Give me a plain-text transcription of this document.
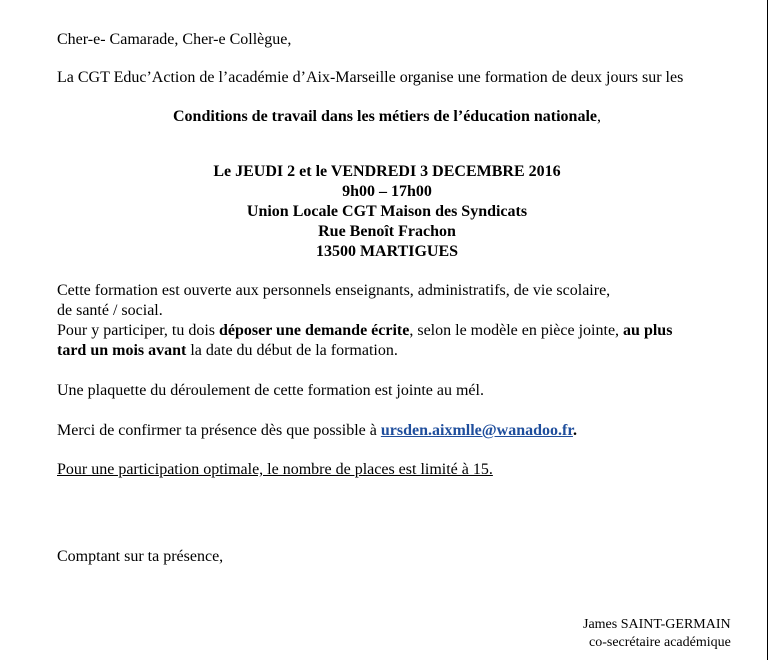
Cher-e- Camarade, Cher-e Collègue,
La CGT Educ’Action de l’académie d’Aix-Marseille organise une formation de deux jours sur les
Conditions de travail dans les métiers de l’éducation nationale,
Le JEUDI 2 et le VENDREDI 3 DECEMBRE 2016
9h00 – 17h00
Union Locale CGT Maison des Syndicats
Rue Benoît Frachon
13500 MARTIGUES
Cette formation est ouverte aux personnels enseignants, administratifs, de vie scolaire,
de santé / social.
Pour y participer, tu dois déposer une demande écrite, selon le modèle en pièce jointe, au plus
tard un mois avant la date du début de la formation.
Une plaquette du déroulement de cette formation est jointe au mél.
Merci de confirmer ta présence dès que possible à ursden.aixmlle@wanadoo.fr.
Pour une participation optimale, le nombre de places est limité à 15.
Comptant sur ta présence,
James SAINT-GERMAIN
co-secrétaire académique
